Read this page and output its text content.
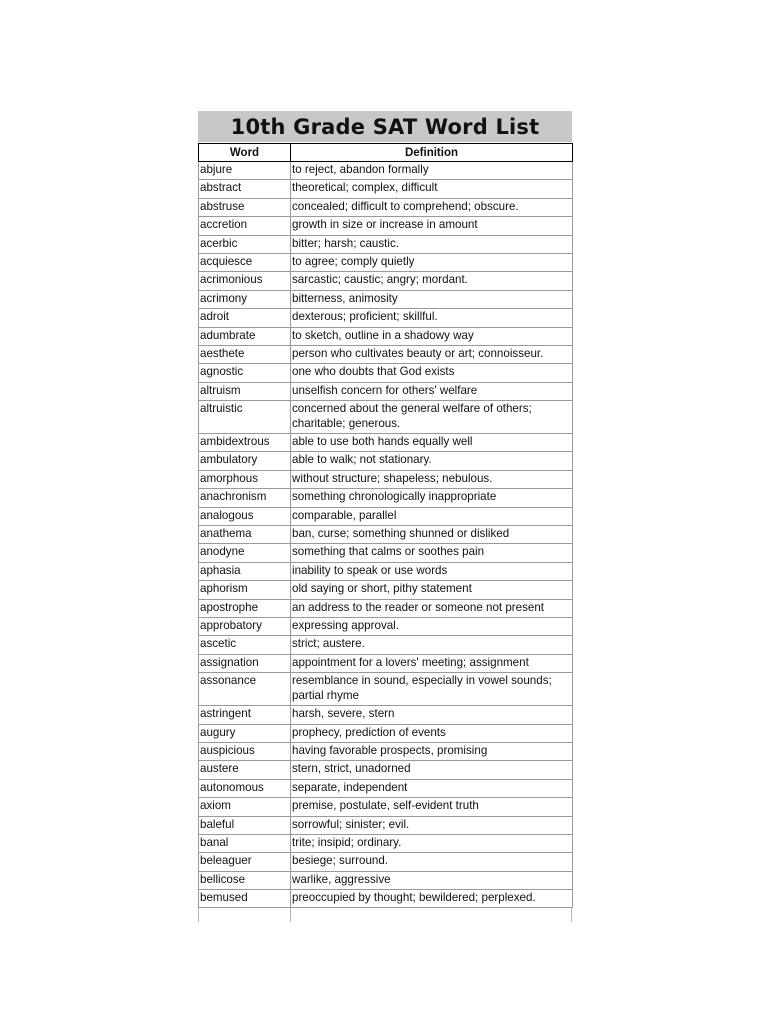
10th Grade SAT Word List
Word	Definition
abjure	to reject, abandon formally
abstract	theoretical; complex, difficult
abstruse	concealed; difficult to comprehend; obscure.
accretion	growth in size or increase in amount
acerbic	bitter; harsh; caustic.
acquiesce	to agree; comply quietly
acrimonious	sarcastic; caustic; angry; mordant.
acrimony	bitterness, animosity
adroit	dexterous; proficient; skillful.
adumbrate	to sketch, outline in a shadowy way
aesthete	person who cultivates beauty or art; connoisseur.
agnostic	one who doubts that God exists
altruism	unselfish concern for others' welfare
altruistic	concerned about the general welfare of others; charitable; generous.
ambidextrous	able to use both hands equally well
ambulatory	able to walk; not stationary.
amorphous	without structure; shapeless; nebulous.
anachronism	something chronologically inappropriate
analogous	comparable, parallel
anathema	ban, curse; something shunned or disliked
anodyne	something that calms or soothes pain
aphasia	inability to speak or use words
aphorism	old saying or short, pithy statement
apostrophe	an address to the reader or someone not present
approbatory	expressing approval.
ascetic	strict; austere.
assignation	appointment for a lovers' meeting; assignment
assonance	resemblance in sound, especially in vowel sounds; partial rhyme
astringent	harsh, severe, stern
augury	prophecy, prediction of events
auspicious	having favorable prospects, promising
austere	stern, strict, unadorned
autonomous	separate, independent
axiom	premise, postulate, self-evident truth
baleful	sorrowful; sinister; evil.
banal	trite; insipid; ordinary.
beleaguer	besiege; surround.
bellicose	warlike, aggressive
bemused	preoccupied by thought; bewildered; perplexed.
